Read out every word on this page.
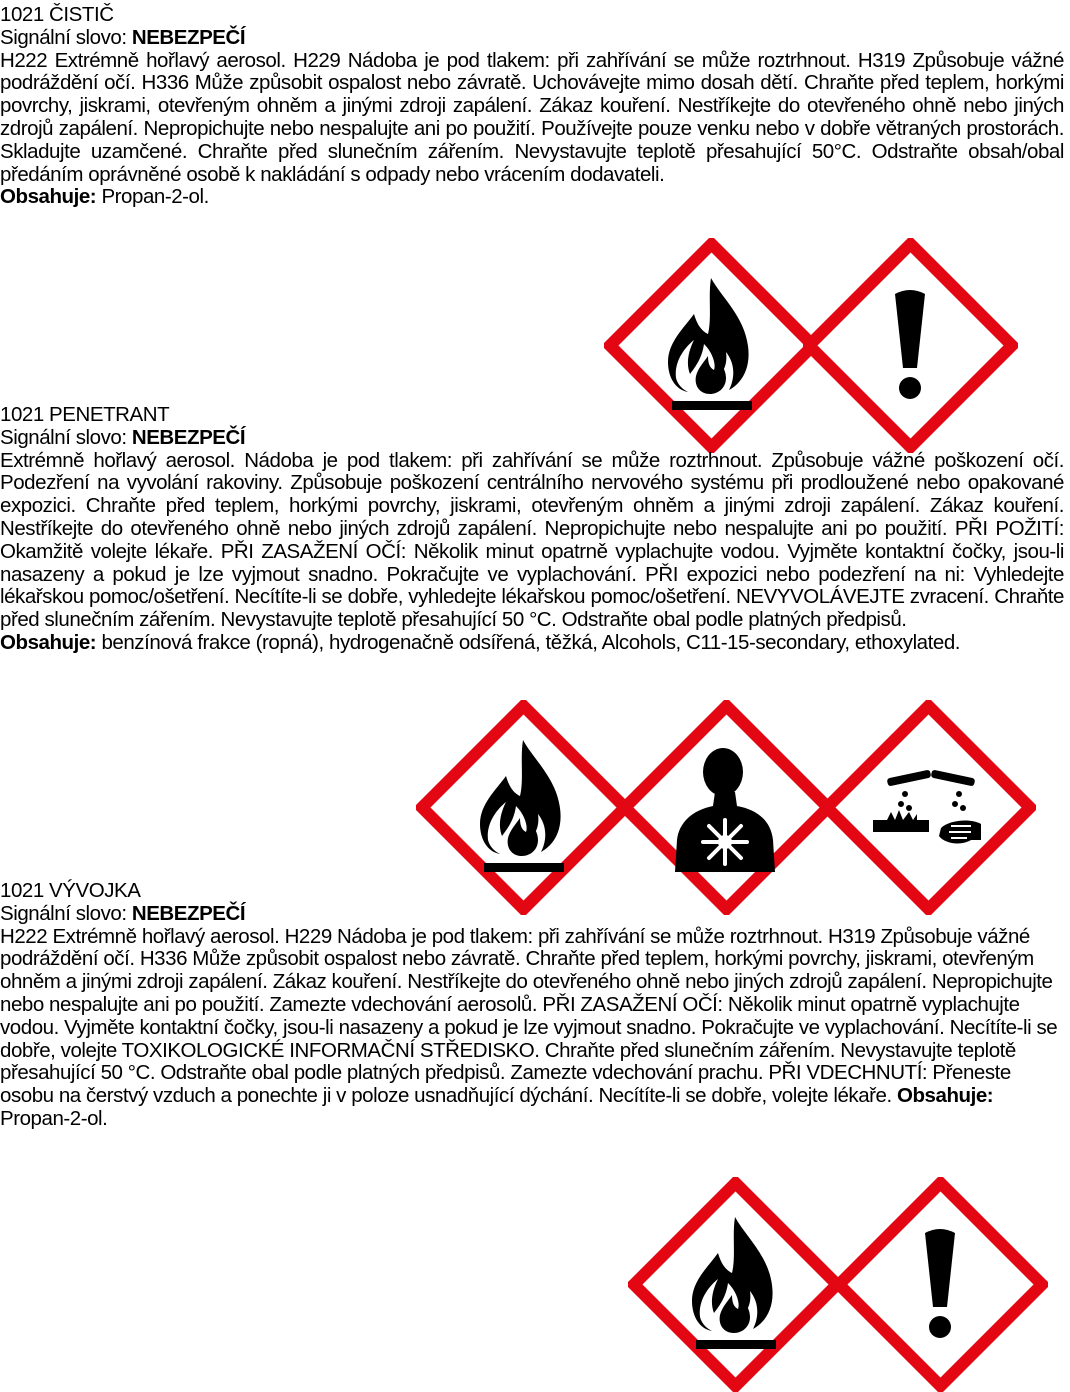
1021 ČISTIČ
Signální slovo: NEBEZPEČÍ
H222 Extrémně hořlavý aerosol. H229 Nádoba je pod tlakem: při zahřívání se může roztrhnout. H319 Způsobuje vážné podráždění očí. H336 Může způsobit ospalost nebo závratě. Uchovávejte mimo dosah dětí. Chraňte před teplem, horkými povrchy, jiskrami, otevřeným ohněm a jinými zdroji zapálení. Zákaz kouření. Nestříkejte do otevřeného ohně nebo jiných zdrojů zapálení. Nepropichujte nebo nespalujte ani po použití. Používejte pouze venku nebo v dobře větraných prostorách. Skladujte uzamčené. Chraňte před slunečním zářením. Nevystavujte teplotě přesahující 50°C. Odstraňte obsah/obal předáním oprávněné osobě k nakládání s odpady nebo vrácením dodavateli.
Obsahuje: Propan-2-ol.
1021 PENETRANT
Signální slovo: NEBEZPEČÍ
Extrémně hořlavý aerosol. Nádoba je pod tlakem: při zahřívání se může roztrhnout. Způsobuje vážné poškození očí. Podezření na vyvolání rakoviny. Způsobuje poškození centrálního nervového systému při prodloužené nebo opakované expozici. Chraňte před teplem, horkými povrchy, jiskrami, otevřeným ohněm a jinými zdroji zapálení. Zákaz kouření. Nestříkejte do otevřeného ohně nebo jiných zdrojů zapálení. Nepropichujte nebo nespalujte ani po použití. PŘI POŽITÍ: Okamžitě volejte lékaře. PŘI ZASAŽENÍ OČÍ: Několik minut opatrně vyplachujte vodou. Vyjměte kontaktní čočky, jsou-li nasazeny a pokud je lze vyjmout snadno. Pokračujte ve vyplachování. PŘI expozici nebo podezření na ni: Vyhledejte lékařskou pomoc/ošetření. Necítíte-li se dobře, vyhledejte lékařskou pomoc/ošetření. NEVYVOLÁVEJTE zvracení. Chraňte před slunečním zářením. Nevystavujte teplotě přesahující 50 °C. Odstraňte obal podle platných předpisů.
Obsahuje: benzínová frakce (ropná), hydrogenačně odsířená, těžká, Alcohols, C11-15-secondary, ethoxylated.
1021 VÝVOJKA
Signální slovo: NEBEZPEČÍ
H222 Extrémně hořlavý aerosol. H229 Nádoba je pod tlakem: při zahřívání se může roztrhnout. H319 Způsobuje vážné podráždění očí. H336 Může způsobit ospalost nebo závratě. Chraňte před teplem, horkými povrchy, jiskrami, otevřeným ohněm a jinými zdroji zapálení. Zákaz kouření. Nestříkejte do otevřeného ohně nebo jiných zdrojů zapálení. Nepropichujte nebo nespalujte ani po použití. Zamezte vdechování aerosolů. PŘI ZASAŽENÍ OČÍ: Několik minut opatrně vyplachujte vodou. Vyjměte kontaktní čočky, jsou-li nasazeny a pokud je lze vyjmout snadno. Pokračujte ve vyplachování. Necítíte-li se dobře, volejte TOXIKOLOGICKÉ INFORMAČNÍ STŘEDISKO. Chraňte před slunečním zářením. Nevystavujte teplotě přesahující 50 °C. Odstraňte obal podle platných předpisů. Zamezte vdechování prachu. PŘI VDECHNUTÍ: Přeneste osobu na čerstvý vzduch a ponechte ji v poloze usnadňující dýchání. Necítíte-li se dobře, volejte lékaře. Obsahuje: Propan-2-ol.
